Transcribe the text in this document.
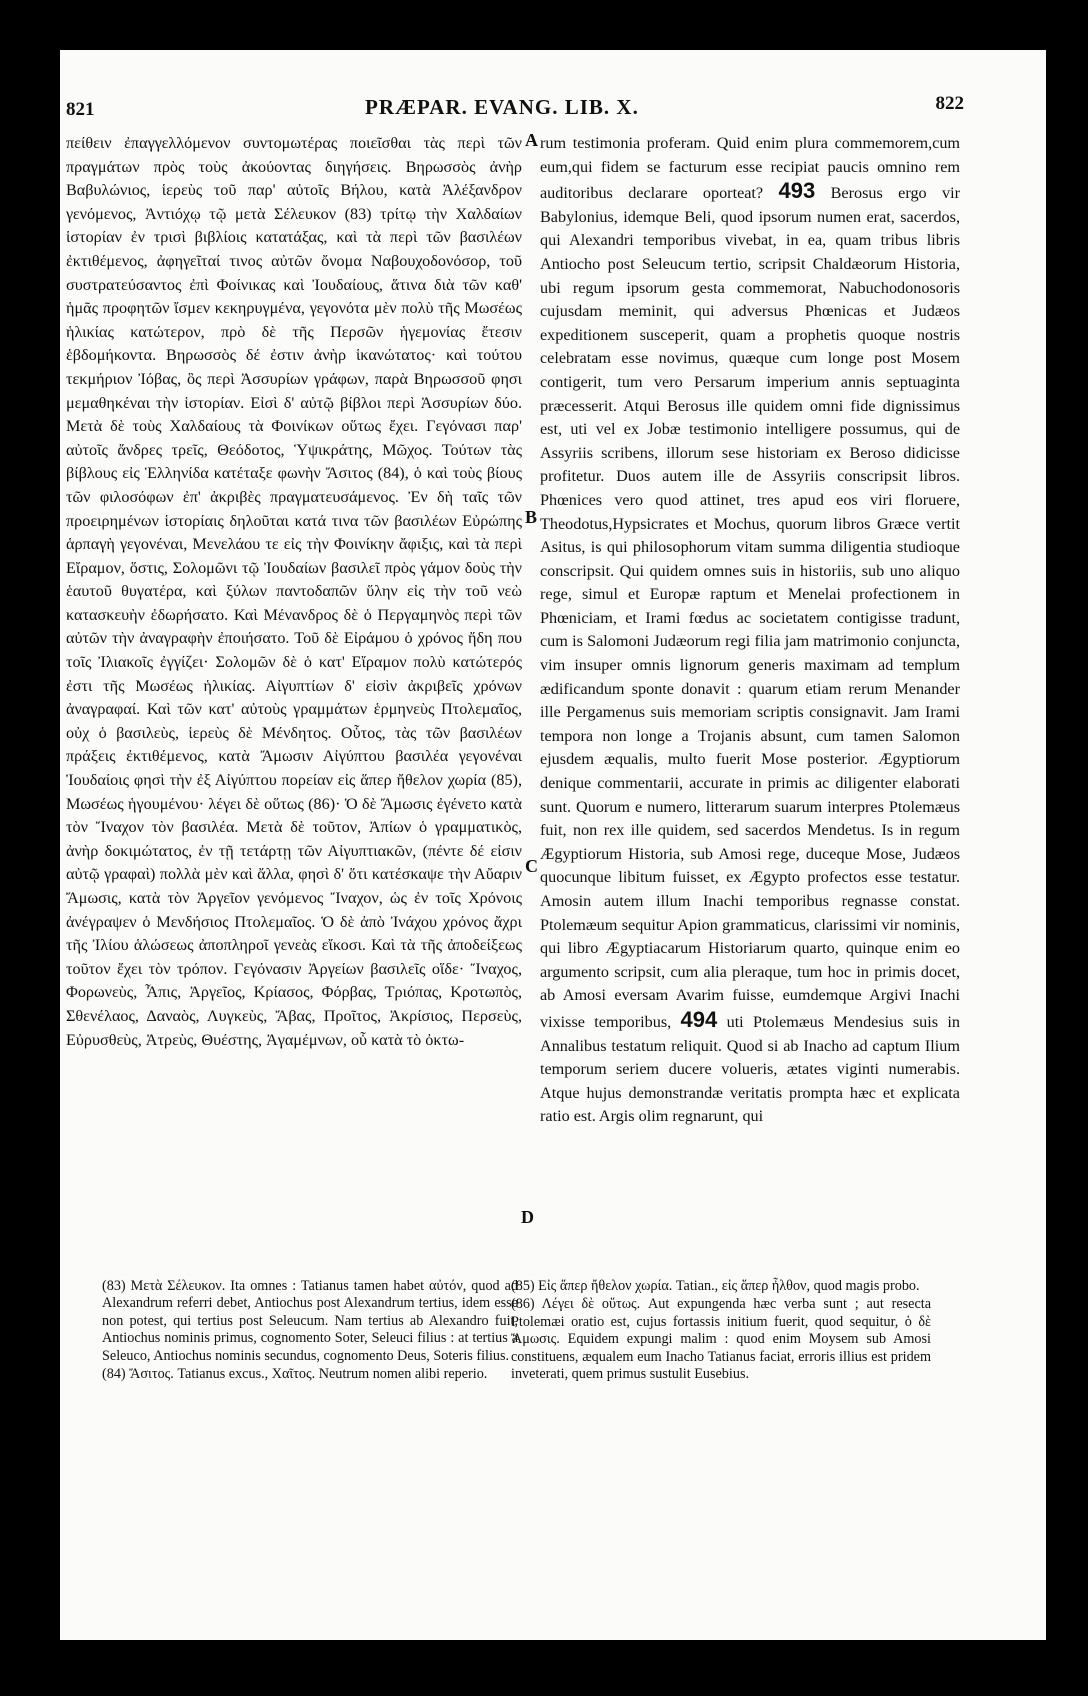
821	PRÆPAR. EVANG. LIB. X.	822
A
B
C
D

πείθειν ἐπαγγελλόμενον συντομωτέρας ποιεῖσθαι τὰς περὶ τῶν πραγμάτων πρὸς τοὺς ἀκούοντας διηγήσεις. Βηρωσσὸς ἀνὴρ Βαβυλώνιος, ἱερεὺς τοῦ παρ' αὐτοῖς Βήλου, κατὰ Ἀλέξανδρον γενόμενος, Ἀντιόχῳ τῷ μετὰ Σέλευκον (83) τρίτῳ τὴν Χαλδαίων ἱστορίαν ἐν τρισὶ βιβλίοις κατατάξας, καὶ τὰ περὶ τῶν βασιλέων ἐκτιθέμενος, ἀφηγεῖταί τινος αὐτῶν ὄνομα Ναβουχοδονόσορ, τοῦ συστρατεύσαντος ἐπὶ Φοίνικας καὶ Ἰουδαίους, ἅτινα διὰ τῶν καθ' ἡμᾶς προφητῶν ἴσμεν κεκηρυγμένα, γεγονότα μὲν πολὺ τῆς Μωσέως ἡλικίας κατώτερον, πρὸ δὲ τῆς Περσῶν ἡγεμονίας ἔτεσιν ἑβδομήκοντα. Βηρωσσὸς δέ ἐστιν ἀνὴρ ἱκανώτατος· καὶ τούτου τεκμήριον Ἰόβας, ὃς περὶ Ἀσσυρίων γράφων, παρὰ Βηρωσσοῦ φησι μεμαθηκέναι τὴν ἱστορίαν. Εἰσὶ δ' αὐτῷ βίβλοι περὶ Ἀσσυρίων δύο. Μετὰ δὲ τοὺς Χαλδαίους τὰ Φοινίκων οὕτως ἔχει. Γεγόνασι παρ' αὐτοῖς ἄνδρες τρεῖς, Θεόδοτος, Ὑψικράτης, Μῶχος. Τούτων τὰς βίβλους εἰς Ἑλληνίδα κατέταξε φωνὴν Ἄσιτος (84), ὁ καὶ τοὺς βίους τῶν φιλοσόφων ἐπ' ἀκριβὲς πραγματευσάμενος. Ἐν δὴ ταῖς τῶν προειρημένων ἱστορίαις δηλοῦται κατά τινα τῶν βασιλέων Εὐρώπης ἁρπαγὴ γεγονέναι, Μενελάου τε εἰς τὴν Φοινίκην ἄφιξις, καὶ τὰ περὶ Εἴραμον, ὅστις, Σολομῶνι τῷ Ἰουδαίων βασιλεῖ πρὸς γάμον δοὺς τὴν ἑαυτοῦ θυγατέρα, καὶ ξύλων παντοδαπῶν ὕλην εἰς τὴν τοῦ νεὼ κατασκευὴν ἐδωρήσατο. Καὶ Μένανδρος δὲ ὁ Περγαμηνὸς περὶ τῶν αὐτῶν τὴν ἀναγραφὴν ἐποιήσατο. Τοῦ δὲ Εἰράμου ὁ χρόνος ἤδη που τοῖς Ἰλιακοῖς ἐγγίζει· Σολομῶν δὲ ὁ κατ' Εἴραμον πολὺ κατώτερός ἐστι τῆς Μωσέως ἡλικίας. Αἰγυπτίων δ' εἰσὶν ἀκριβεῖς χρόνων ἀναγραφαί. Καὶ τῶν κατ' αὐτοὺς γραμμάτων ἑρμηνεὺς Πτολεμαῖος, οὐχ ὁ βασιλεὺς, ἱερεὺς δὲ Μένδητος. Οὗτος, τὰς τῶν βασιλέων πράξεις ἐκτιθέμενος, κατὰ Ἄμωσιν Αἰγύπτου βασιλέα γεγονέναι Ἰουδαίοις φησὶ τὴν ἐξ Αἰγύπτου πορείαν εἰς ἅπερ ἤθελον χωρία (85), Μωσέως ἡγουμένου· λέγει δὲ οὕτως (86)· Ὁ δὲ Ἄμωσις ἐγένετο κατὰ τὸν Ἴναχον τὸν βασιλέα. Μετὰ δὲ τοῦτον, Ἀπίων ὁ γραμματικὸς, ἀνὴρ δοκιμώτατος, ἐν τῇ τετάρτῃ τῶν Αἰγυπτιακῶν, (πέντε δέ εἰσιν αὐτῷ γραφαὶ) πολλὰ μὲν καὶ ἄλλα, φησὶ δ' ὅτι κατέσκαψε τὴν Αὔαριν Ἄμωσις, κατὰ τὸν Ἀργεῖον γενόμενος Ἴναχον, ὡς ἐν τοῖς Χρόνοις ἀνέγραψεν ὁ Μενδήσιος Πτολεμαῖος. Ὁ δὲ ἀπὸ Ἰνάχου χρόνος ἄχρι τῆς Ἰλίου ἁλώσεως ἀποπληροῖ γενεὰς εἴκοσι. Καὶ τὰ τῆς ἀποδείξεως τοῦτον ἔχει τὸν τρόπον. Γεγόνασιν Ἀργείων βασιλεῖς οἵδε· Ἴναχος, Φορωνεὺς, Ἆπις, Ἀργεῖος, Κρίασος, Φόρβας, Τριόπας, Κροτωπὸς, Σθενέλαος, Δαναὸς, Λυγκεὺς, Ἄβας, Προῖτος, Ἀκρίσιος, Περσεὺς, Εὐρυσθεὺς, Ἀτρεὺς, Θυέστης, Ἀγαμέμνων, οὗ κατὰ τὸ ὀκτω-

rum testimonia proferam. Quid enim plura commemorem,cum eum,qui fidem se facturum esse recipiat paucis omnino rem auditoribus declarare oporteat? 493 Berosus ergo vir Babylonius, idemque Beli, quod ipsorum numen erat, sacerdos, qui Alexandri temporibus vivebat, in ea, quam tribus libris Antiocho post Seleucum tertio, scripsit Chaldæorum Historia, ubi regum ipsorum gesta commemorat, Nabuchodonosoris cujusdam meminit, qui adversus Phœnicas et Judæos expeditionem susceperit, quam a prophetis quoque nostris celebratam esse novimus, quæque cum longe post Mosem contigerit, tum vero Persarum imperium annis septuaginta præcesserit. Atqui Berosus ille quidem omni fide dignissimus est, uti vel ex Jobæ testimonio intelligere possumus, qui de Assyriis scribens, illorum sese historiam ex Beroso didicisse profitetur. Duos autem ille de Assyriis conscripsit libros. Phœnices vero quod attinet, tres apud eos viri floruere, Theodotus,Hypsicrates et Mochus, quorum libros Græce vertit Asitus, is qui philosophorum vitam summa diligentia studioque conscripsit. Qui quidem omnes suis in historiis, sub uno aliquo rege, simul et Europæ raptum et Menelai profectionem in Phœniciam, et Irami fœdus ac societatem contigisse tradunt, cum is Salomoni Judæorum regi filia jam matrimonio conjuncta, vim insuper omnis lignorum generis maximam ad templum ædificandum sponte donavit : quarum etiam rerum Menander ille Pergamenus suis memoriam scriptis consignavit. Jam Irami tempora non longe a Trojanis absunt, cum tamen Salomon ejusdem æqualis, multo fuerit Mose posterior. Ægyptiorum denique commentarii, accurate in primis ac diligenter elaborati sunt. Quorum e numero, litterarum suarum interpres Ptolemæus fuit, non rex ille quidem, sed sacerdos Mendetus. Is in regum Ægyptiorum Historia, sub Amosi rege, duceque Mose, Judæos quocunque libitum fuisset, ex Ægypto profectos esse testatur. Amosin autem illum Inachi temporibus regnasse constat. Ptolemæum sequitur Apion grammaticus, clarissimi vir nominis, qui libro Ægyptiacarum Historiarum quarto, quinque enim eo argumento scripsit, cum alia pleraque, tum hoc in primis docet, ab Amosi eversam Avarim fuisse, eumdemque Argivi Inachi vixisse temporibus, 494 uti Ptolemæus Mendesius suis in Annalibus testatum reliquit. Quod si ab Inacho ad captum Ilium temporum seriem ducere volueris, ætates viginti numerabis. Atque hujus demonstrandæ veritatis prompta hæc et explicata ratio est. Argis olim regnarunt, qui

(83) Μετὰ Σέλευκον. Ita omnes : Tatianus tamen habet αὐτόν, quod ad Alexandrum referri debet, Antiochus post Alexandrum tertius, idem esse non potest, qui tertius post Seleucum. Nam tertius ab Alexandro fuit, Antiochus nominis primus, cognomento Soter, Seleuci filius : at tertius a Seleuco, Antiochus nominis secundus, cognomento Deus, Soteris filius.

(84) Ἄσιτος. Tatianus excus., Χαῖτος. Neutrum nomen alibi reperio.

(85) Εἰς ἅπερ ἤθελον χωρία. Tatian., εἰς ἅπερ ἦλθον, quod magis probo.

(86) Λέγει δὲ οὕτως. Aut expungenda hæc verba sunt ; aut resecta Ptolemæi oratio est, cujus fortassis initium fuerit, quod sequitur, ὁ δὲ Ἄμωσις. Equidem expungi malim : quod enim Moysem sub Amosi constituens, æqualem eum Inacho Tatianus faciat, erroris illius est pridem inveterati, quem primus sustulit Eusebius.
